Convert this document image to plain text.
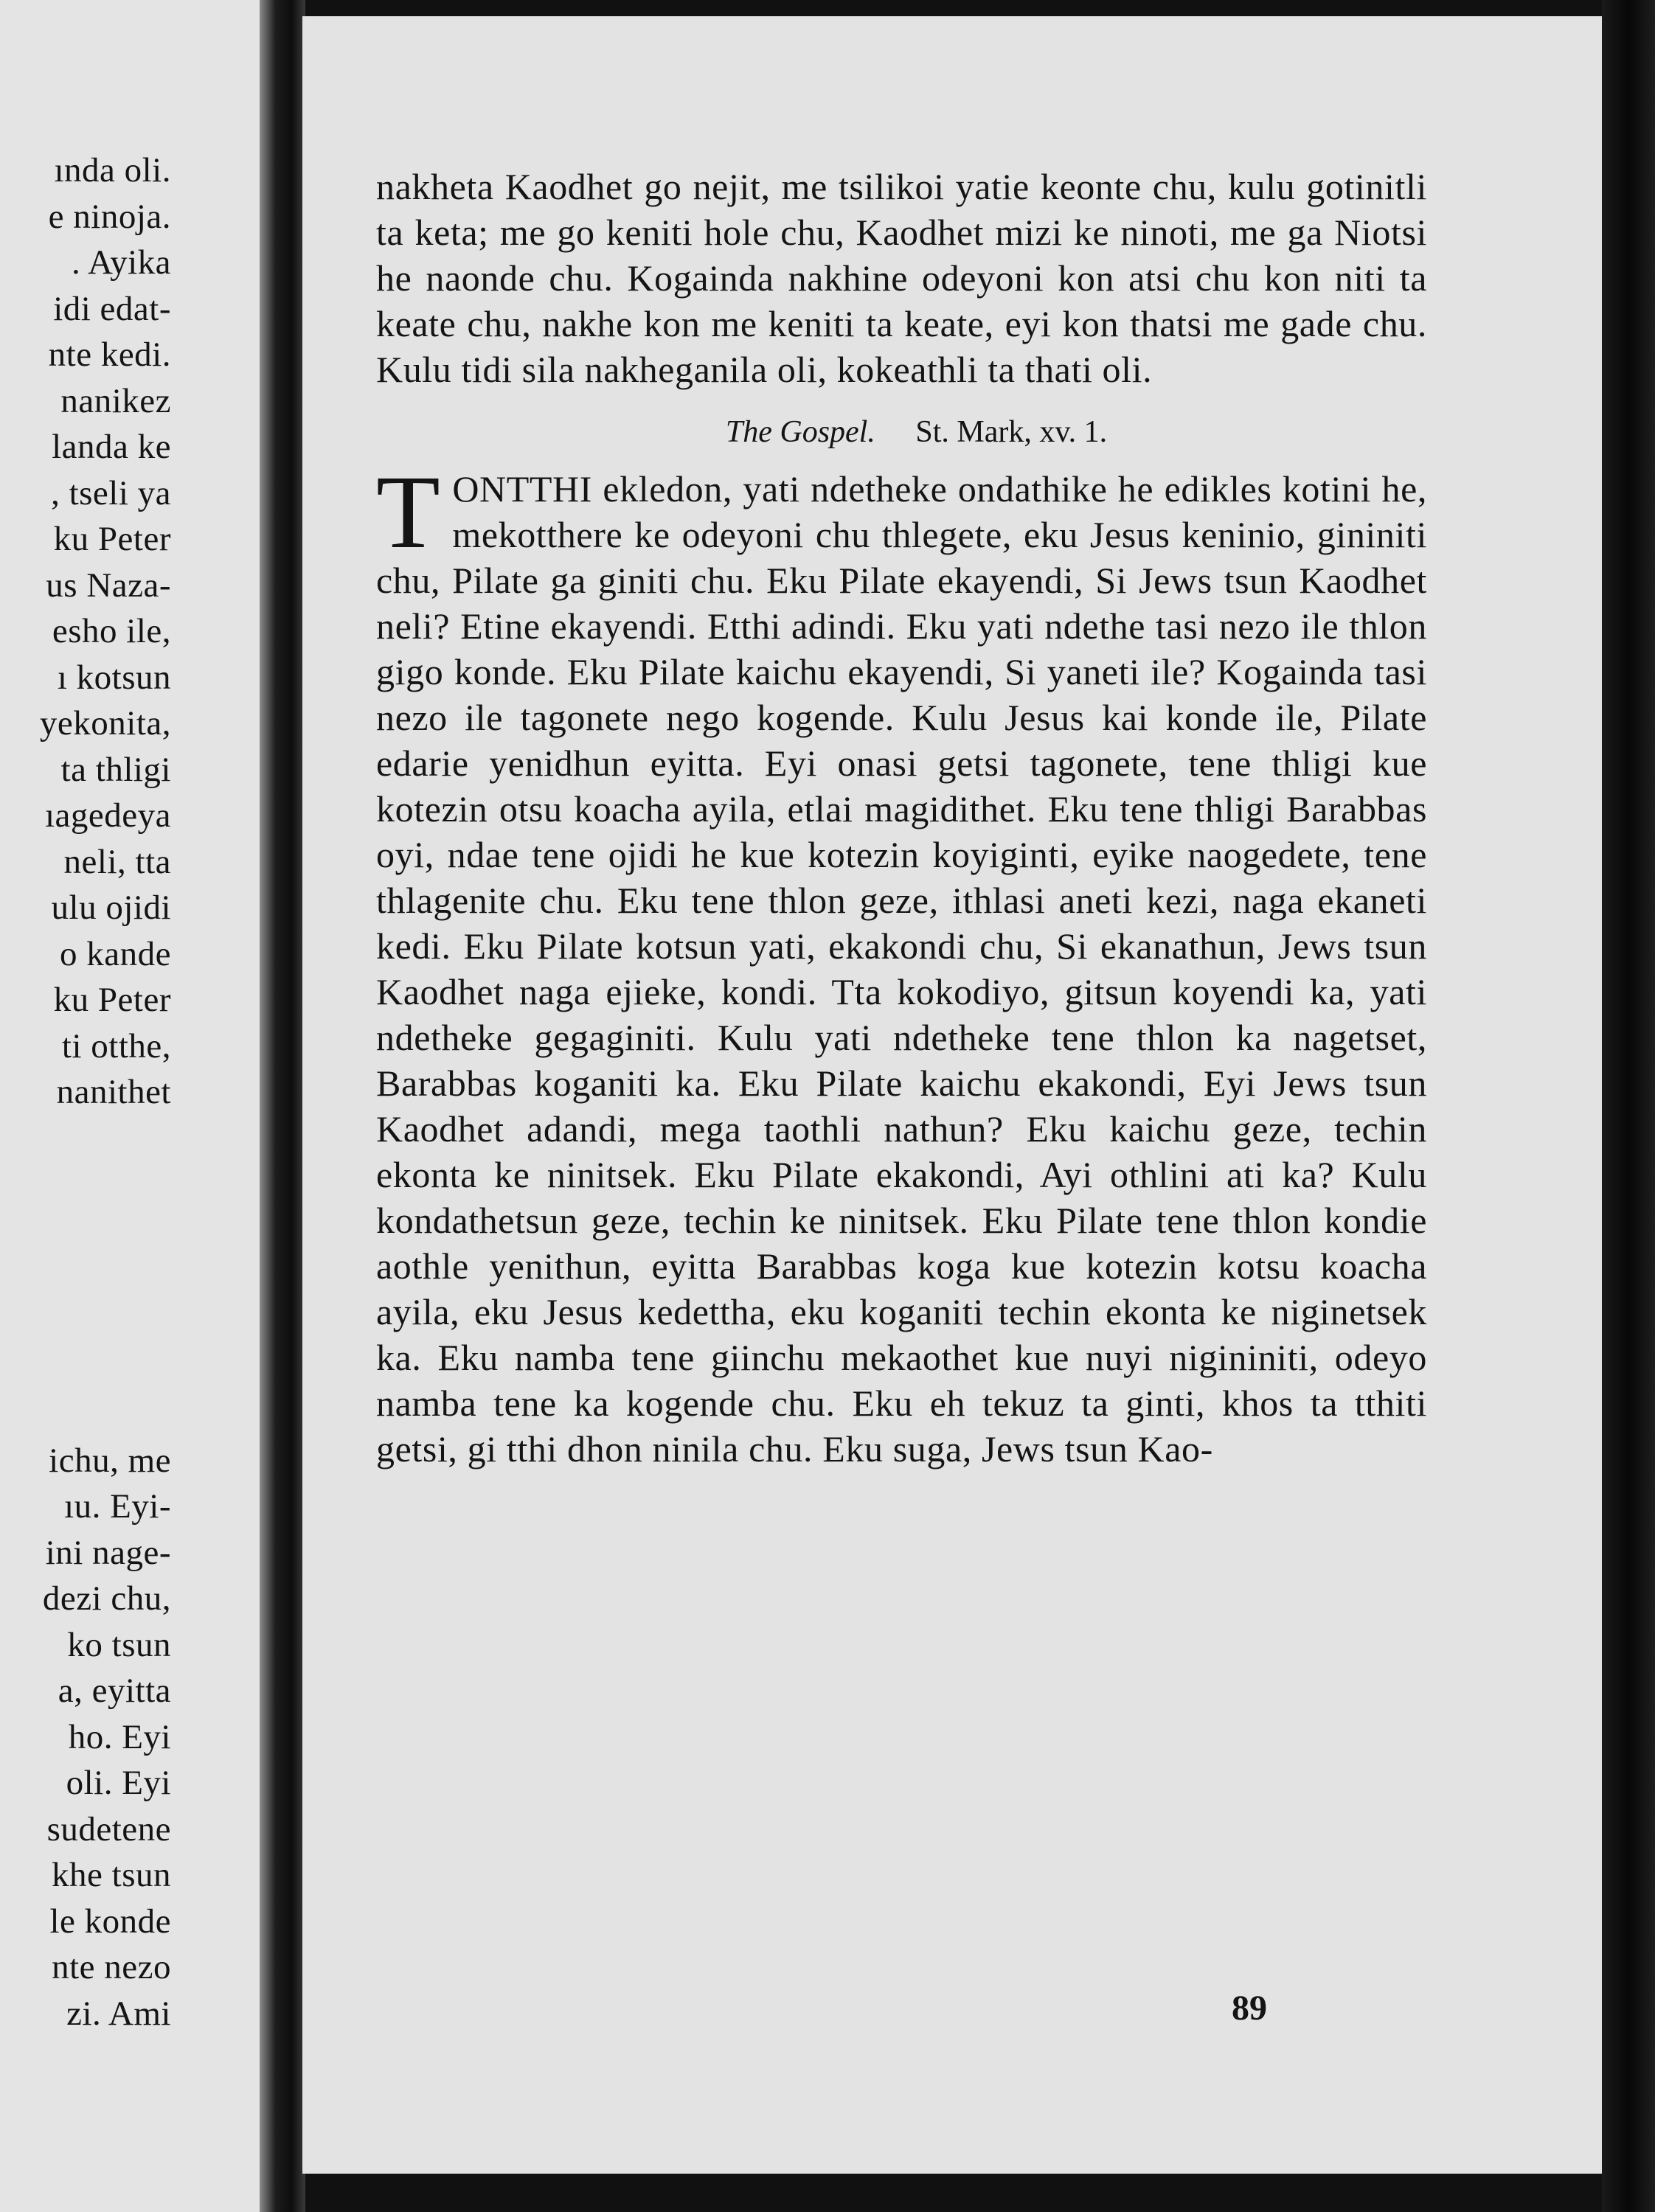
ında oli.
e ninoja.
. Ayika
idi edat-
nte kedi.
nanikez
landa ke
, tseli ya
ku Peter
us Naza-
esho ile,
ı kotsun
yekonita,
ta thligi
ıagedeya
neli, tta
ulu ojidi
o kande
ku Peter
ti otthe,
nanithet
ichu, me
ıu. Eyi-
ini nage-
dezi chu,
ko tsun
a, eyitta
ho. Eyi
oli. Eyi
sudetene
khe tsun
le konde
nte nezo
zi. Ami

nakheta Kaodhet go nejit, me tsilikoi yatie keonte chu, kulu gotinitli ta keta; me go keniti hole chu, Kaodhet mizi ke ninoti, me ga Niotsi he naonde chu. Kogainda nakhine odeyoni kon atsi chu kon niti ta keate chu, nakhe kon me keniti ta keate, eyi kon thatsi me gade chu. Kulu tidi sila nakheganila oli, kokeathli ta thati oli.

The Gospel. St. Mark, xv. 1.

T ONTTHI ekledon, yati ndetheke ondathike he edikles kotini he, mekotthere ke odeyoni chu thlegete, eku Jesus keninio, gininiti chu, Pilate ga giniti chu. Eku Pilate ekayendi, Si Jews tsun Kaodhet neli? Etine ekayendi. Etthi adindi. Eku yati ndethe tasi nezo ile thlon gigo konde. Eku Pilate kaichu ekayendi, Si yaneti ile? Kogainda tasi nezo ile tagonete nego kogende. Kulu Jesus kai konde ile, Pilate edarie yenidhun eyitta. Eyi onasi getsi tagonete, tene thligi kue kotezin otsu koacha ayila, etlai magidithet. Eku tene thligi Barabbas oyi, ndae tene ojidi he kue kotezin koyiginti, eyike naogedete, tene thlagenite chu. Eku tene thlon geze, ithlasi aneti kezi, naga ekaneti kedi. Eku Pilate kotsun yati, ekakondi chu, Si ekanathun, Jews tsun Kaodhet naga ejieke, kondi. Tta kokodiyo, gitsun koyendi ka, yati ndetheke gegaginiti. Kulu yati ndetheke tene thlon ka nagetset, Barabbas koganiti ka. Eku Pilate kaichu ekakondi, Eyi Jews tsun Kaodhet adandi, mega taothli nathun? Eku kaichu geze, techin ekonta ke ninitsek. Eku Pilate ekakondi, Ayi othlini ati ka? Kulu kondathetsun geze, techin ke ninitsek. Eku Pilate tene thlon kondie aothle yenithun, eyitta Barabbas koga kue kotezin kotsu koacha ayila, eku Jesus kedettha, eku koganiti techin ekonta ke niginetsek ka. Eku namba tene giinchu mekaothet kue nuyi nigininiti, odeyo namba tene ka kogende chu. Eku eh tekuz ta ginti, khos ta tthiti getsi, gi tthi dhon ninila chu. Eku suga, Jews tsun Kao-

89
